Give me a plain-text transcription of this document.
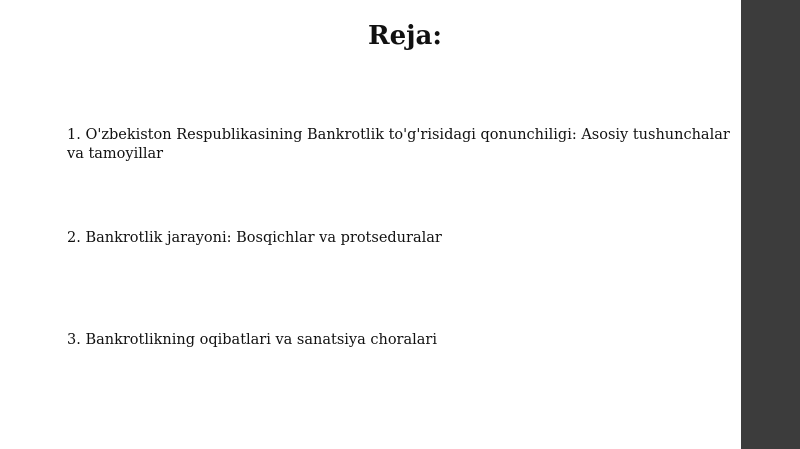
Reja:
1. O'zbekiston Respublikasining Bankrotlik to'g'risidagi qonunchiligi: Asosiy tushunchalar va tamoyillar
2. Bankrotlik jarayoni: Bosqichlar va protseduralar
3. Bankrotlikning oqibatlari va sanatsiya choralari
